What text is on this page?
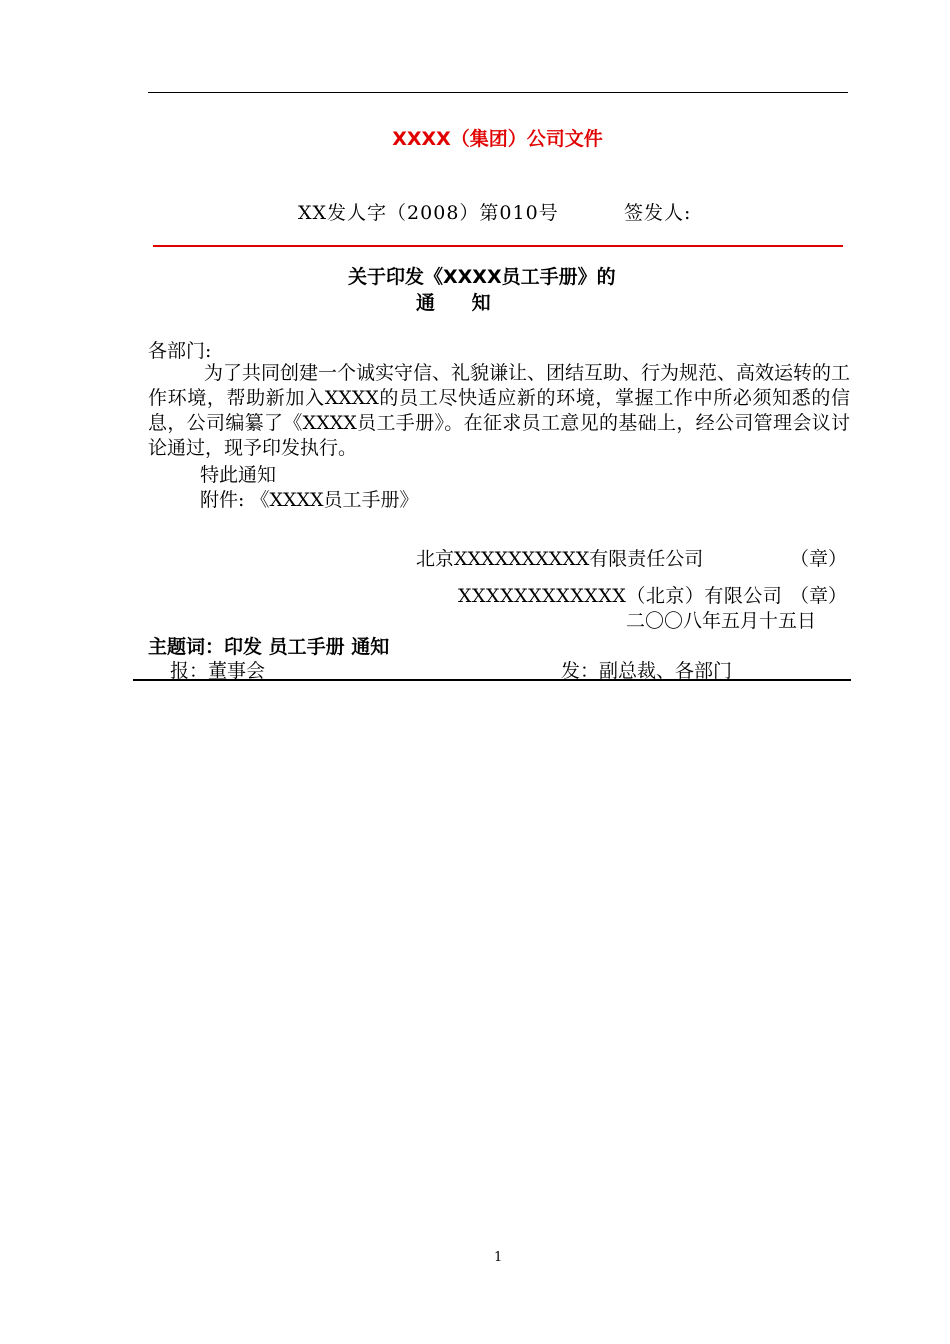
XXXX（集团）公司文件
XX发人字（2008）第010号	签发人:
关于印发《XXXX员工手册》的
通 知
各部门:
为了共同创建一个诚实守信、礼貌谦让、团结互助、行为规范、高效运转的工作环境，帮助新加入XXXX的员工尽快适应新的环境，掌握工作中所必须知悉的信息，公司编纂了《XXXX员工手册》。在征求员工意见的基础上，经公司管理会议讨论通过，现予印发执行。
特此通知
附件: 《XXXX员工手册》
北京XXXXXXXXXX有限责任公司	（章）
XXXXXXXXXXXX（北京）有限公司 （章）
二〇〇八年五月十五日
主题词：印发 员工手册 通知
报：董事会	发：副总裁、各部门
1
